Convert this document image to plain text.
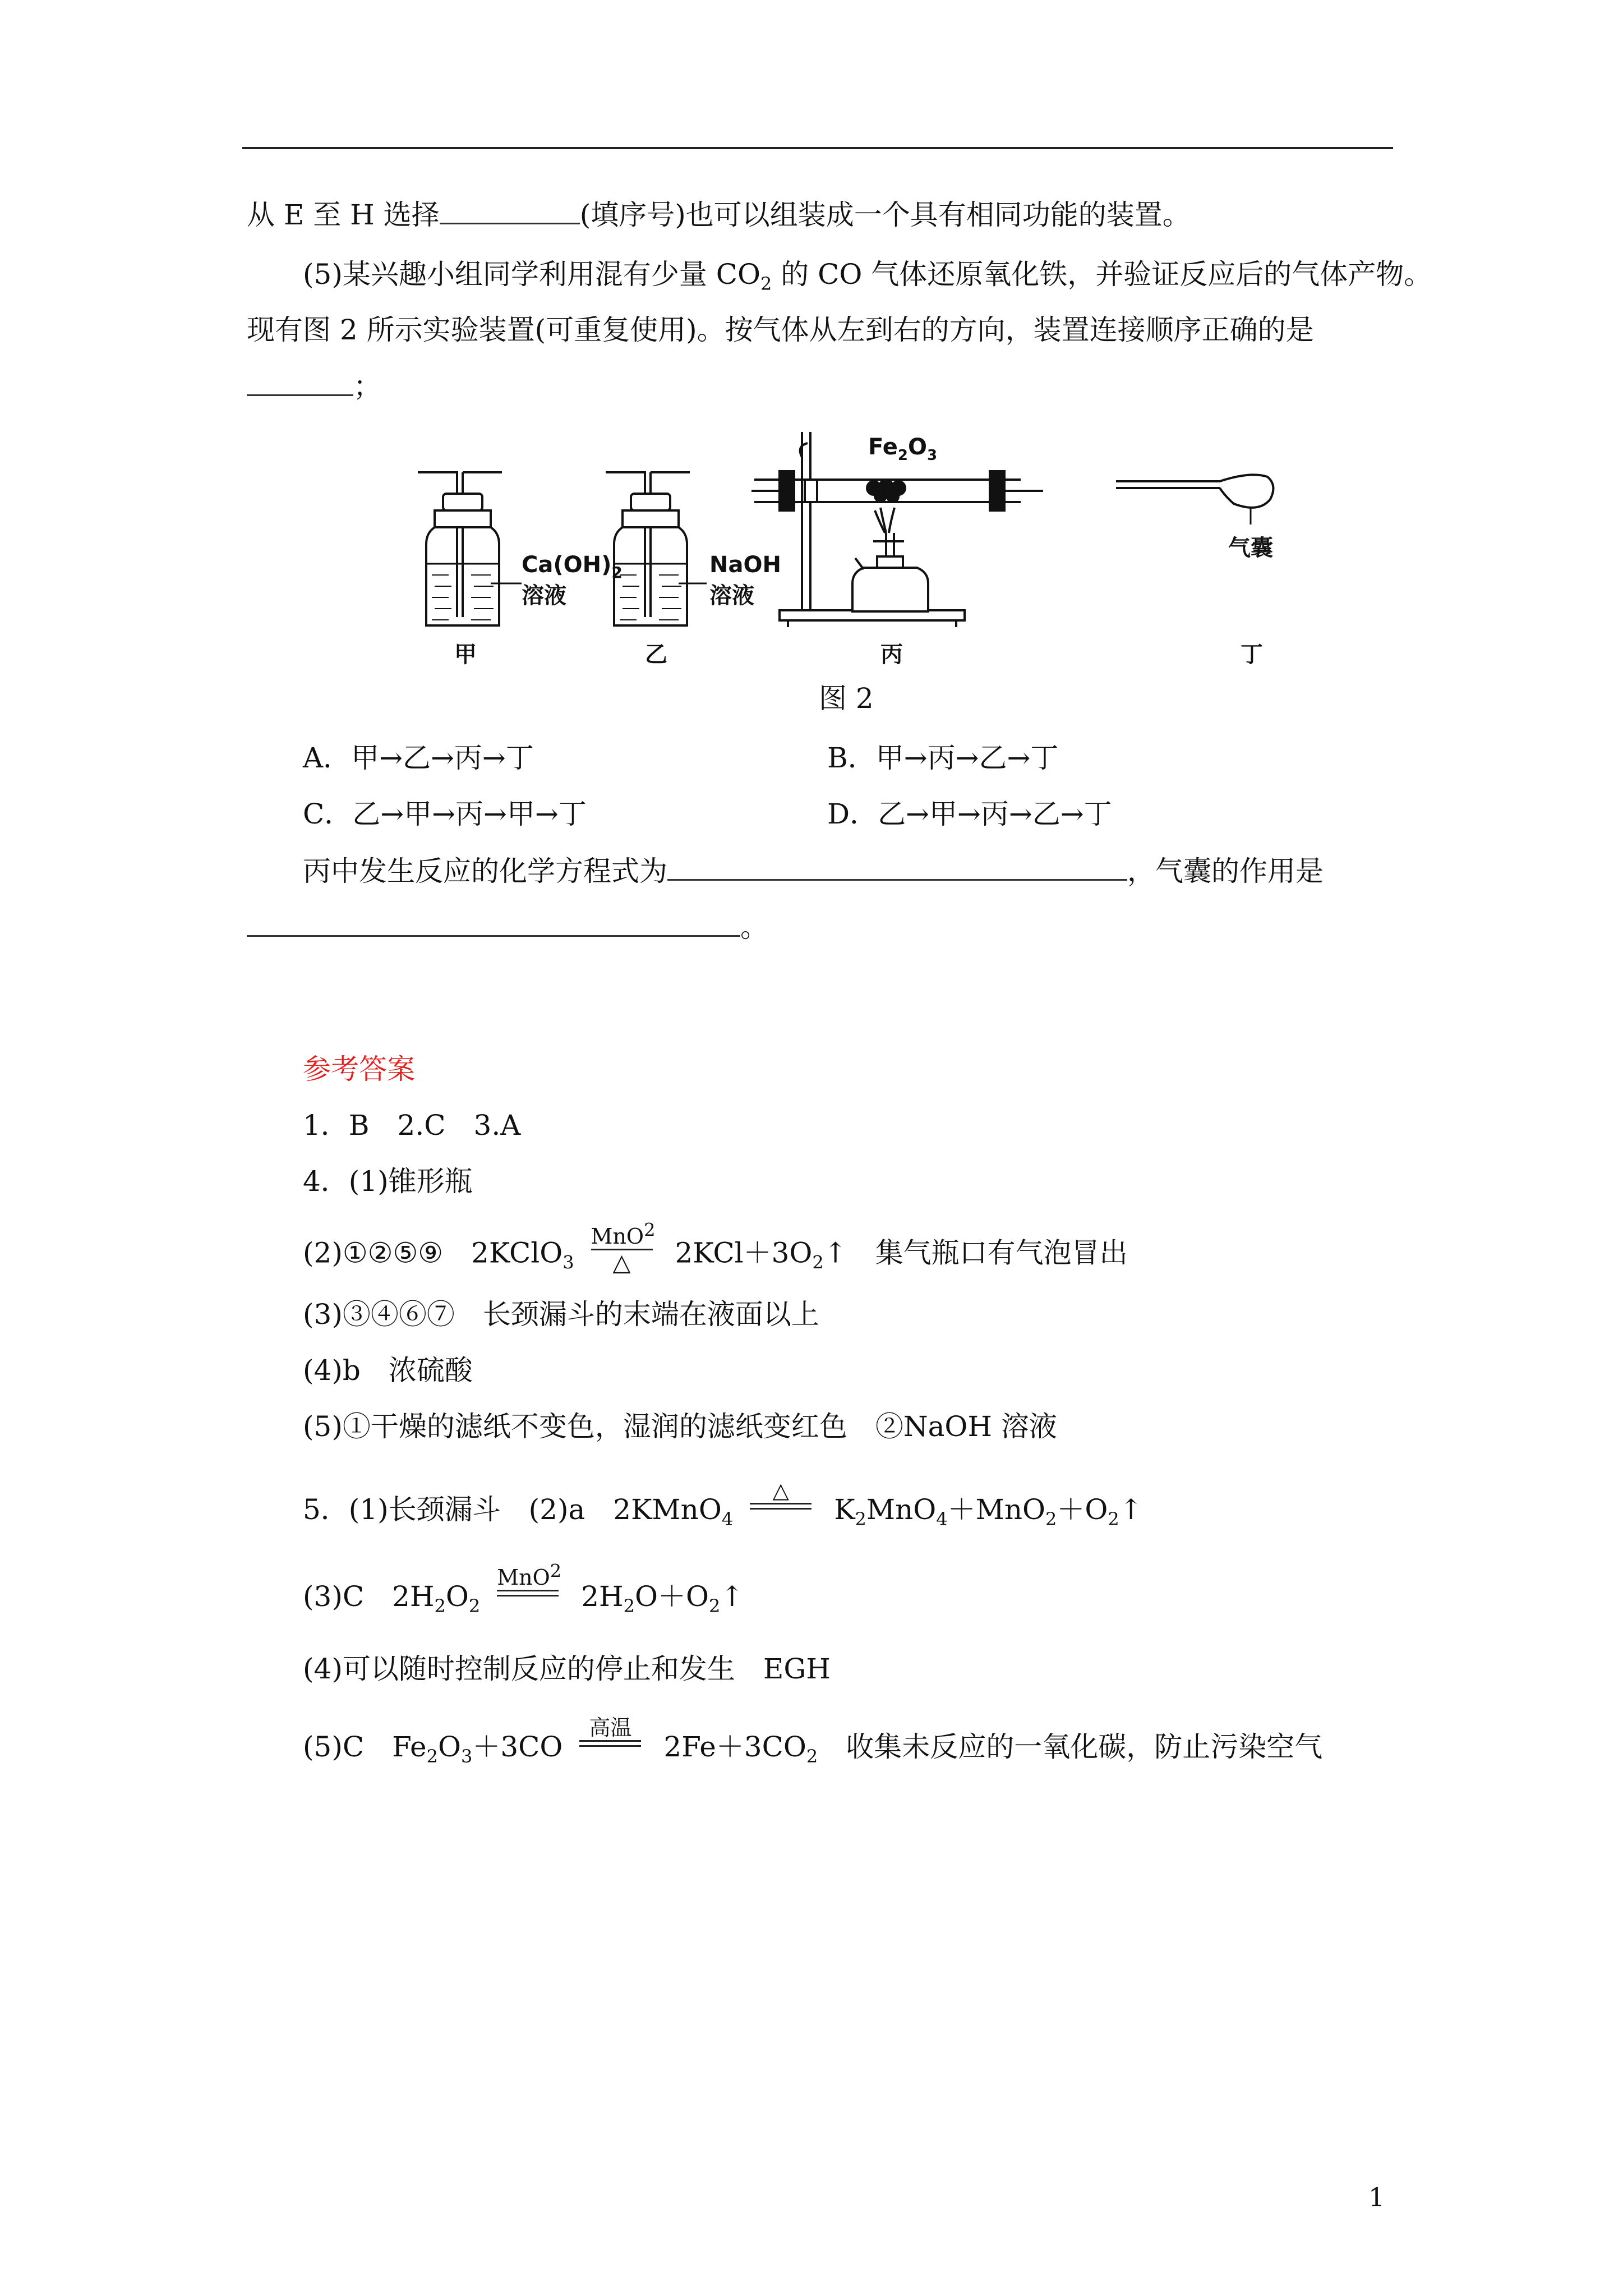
从 E 至 H 选择	(填序号)也可以组装成一个具有相同功能的装置。
(5)某兴趣小组同学利用混有少量 $CO_2$ 的 CO 气体还原氧化铁，并验证反应后的气体产物。
现有图 2 所示实验装置(可重复使用)。按气体从左到右的方向，装置连接顺序正确的是
；
$Ca(OH)_2$
溶液
甲
NaOH
溶液
乙
$Fe_2O_3$
丙
气囊
丁
图 2
A．甲→乙→丙→丁	B．甲→丙→乙→丁
C．乙→甲→丙→甲→丁	D．乙→甲→丙→乙→丁
丙中发生反应的化学方程式为	，气囊的作用是
。
参考答案
1．B　2.C　3.A
4．(1)锥形瓶
(2)①②⑤⑨　2KClO$_3$ $\frac{MnO^2}{\triangle}$ $2KCl+3O_2↑$　集气瓶口有气泡冒出
(3)③④⑥⑦　长颈漏斗的末端在液面以上
(4)b　浓硫酸
(5)①干燥的滤纸不变色，湿润的滤纸变红色　②NaOH 溶液
5．(1)长颈漏斗　(2)a　2KMnO$_4$
△
$K_2MnO_4+MnO_2+O_2↑$
(3)C　$2H_2O_2$
MnO$^2$
$2H_2O+O_2↑$
(4)可以随时控制反应的停止和发生　EGH
(5)C　$Fe_2O_3+3CO$
高温
$2Fe+3CO_2$　收集未反应的一氧化碳，防止污染空气
1
